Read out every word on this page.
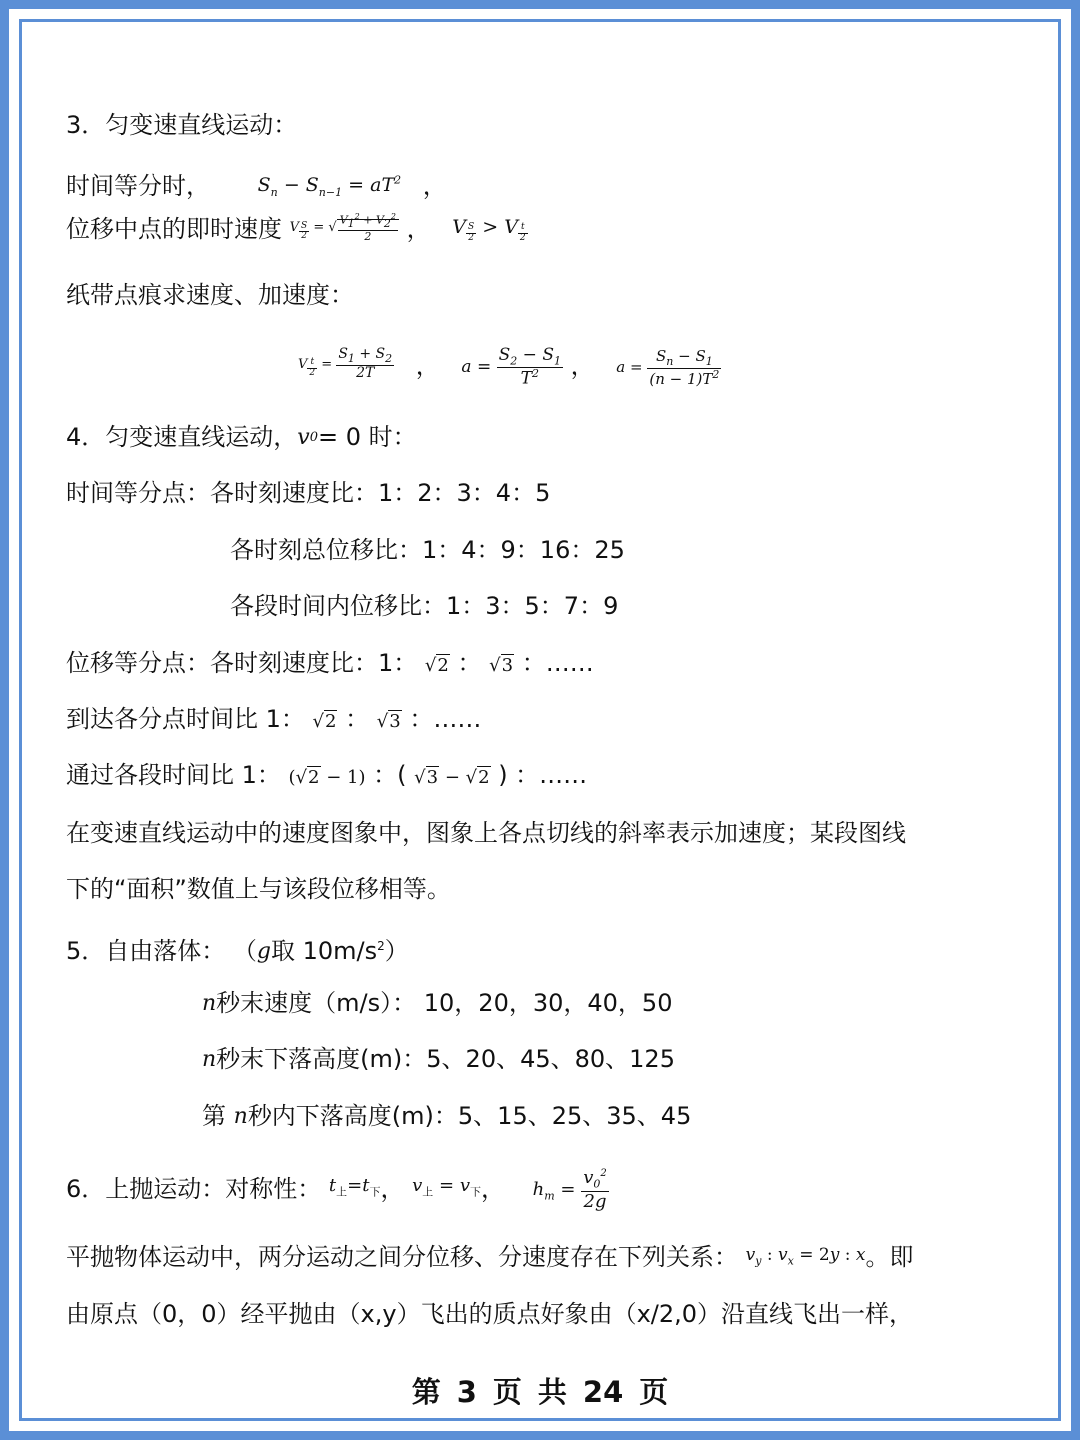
3．匀变速直线运动：
时间等分时，	$S_n - S_{n-1} = aT^2$ ，
位移中点的即时速度 V $_{\frac{S}{2}}$ = √ $\frac{V_1^2 + V_2^2}{2}$ ， V $_{\frac{S}{2}}$ > V $_{\frac{t}{2}}$
纸带点痕求速度、加速度：
V $_{\frac{t}{2}} = \frac{S_1 + S_2}{2T}$ ， $a = \frac{S_2 - S_1}{T^2}$ ， $a = \frac{S_n - S_1}{(n - 1)T^2}$
4．匀变速直线运动，v0= 0 时：
时间等分点：各时刻速度比：1：2：3：4：5
各时刻总位移比：1：4：9：16：25
各段时间内位移比：1：3：5：7：9
位移等分点：各时刻速度比：1： √2 ： √3 ：……
到达各分点时间比 1： √2 ： √3 ：……
通过各段时间比 1： (√2 − 1) ：( √3 − √2 ) ：……
在变速直线运动中的速度图象中，图象上各点切线的斜率表示加速度；某段图线
下的“面积”数值上与该段位移相等。
5．自由落体： （g取 $10m/s^2$）
n秒末速度（m/s）： 10，20，30，40，50
n秒末下落高度(m)：5、20、45、80、125
第 n秒内下落高度(m)：5、15、25、35、45
6．上抛运动：对称性： $t_上=t_下$， $v_上 = v_下$， $h_m = \frac{v_0^2}{2g}$
平抛物体运动中，两分运动之间分位移、分速度存在下列关系： $v_y$ : $v_x = 2y$ : x。即
由原点（0，0）经平抛由（x,y）飞出的质点好象由（x/2,0）沿直线飞出一样，
第 3 页 共 24 页
